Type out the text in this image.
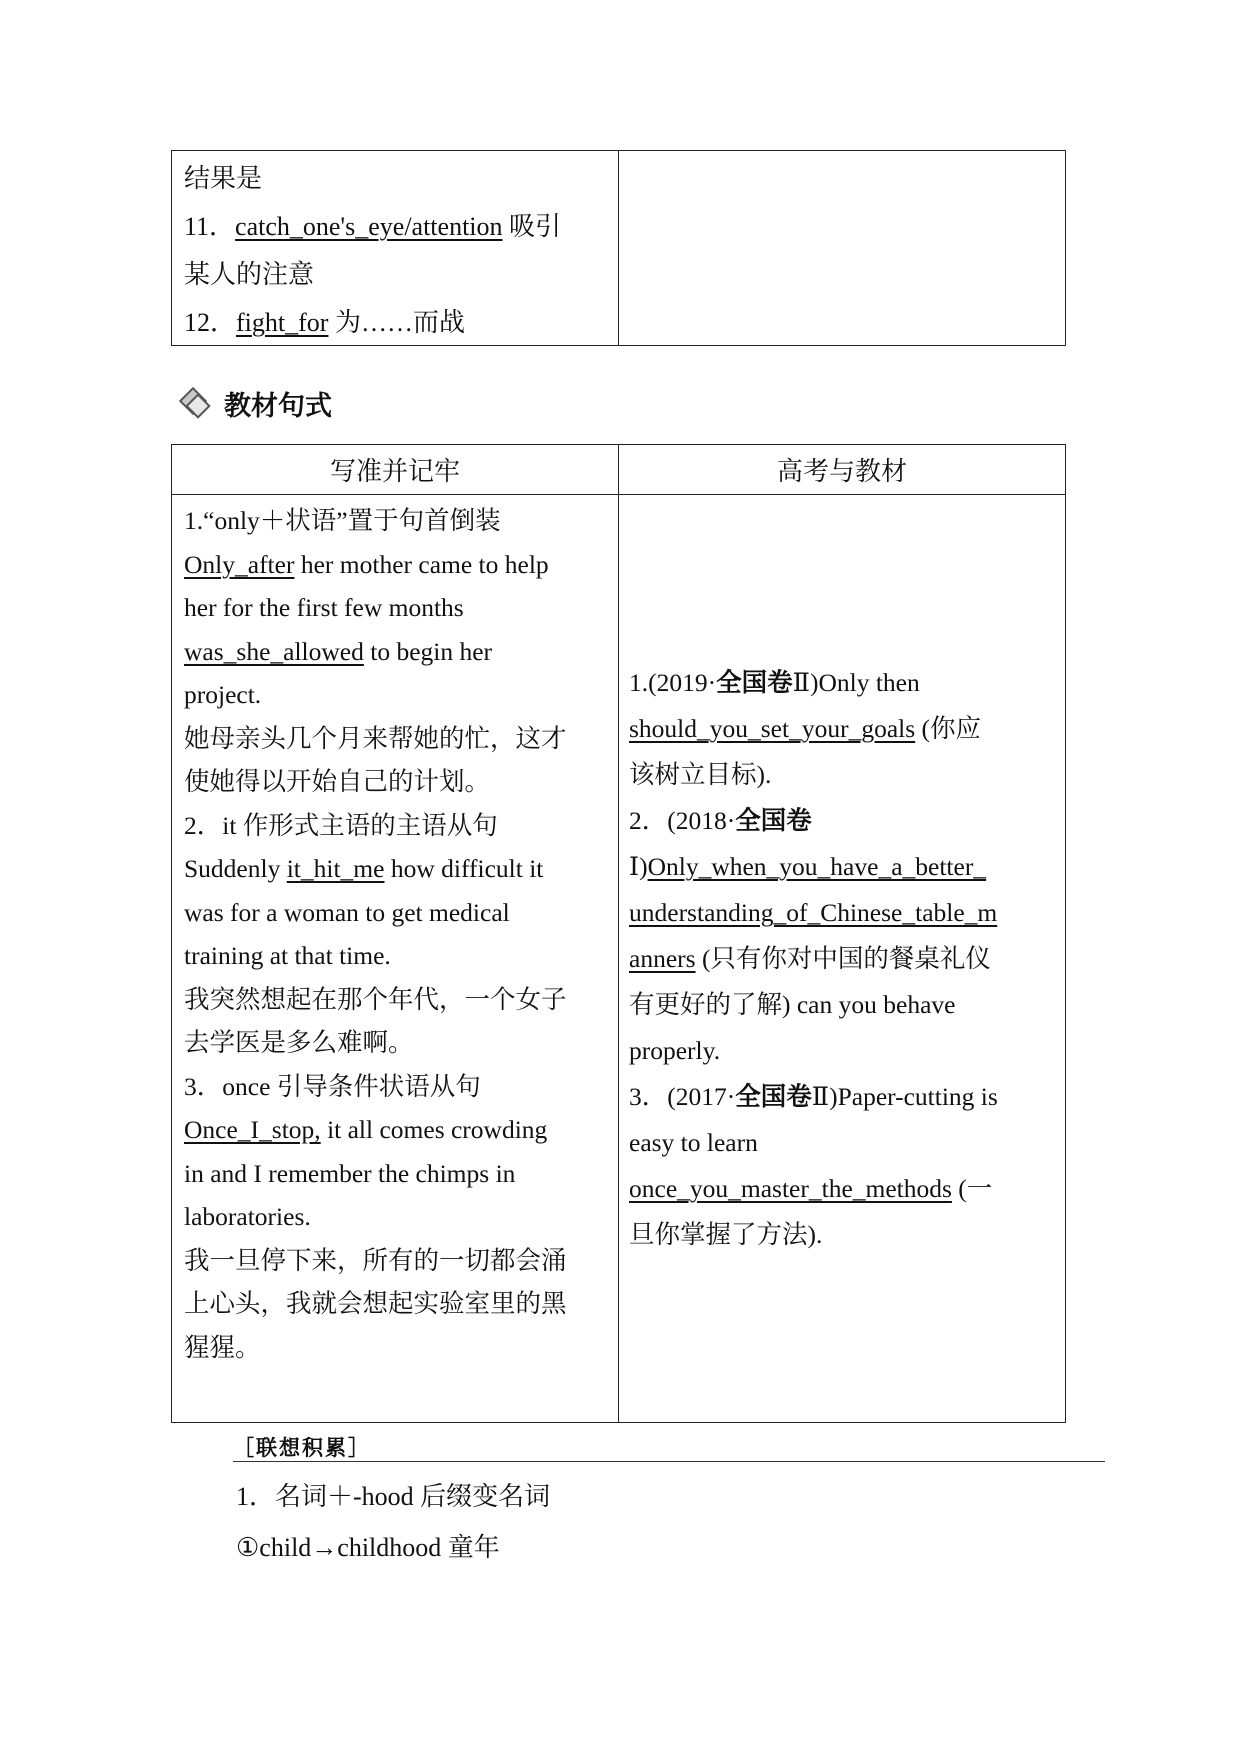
结果是
11．catch_one's_eye/attention 吸引
某人的注意
12．fight_for 为……而战
教材句式
写准并记牢	高考与教材
1.“only＋状语”置于句首倒装
Only_after her mother came to help
her for the first few months
was_she_allowed to begin her
project.
她母亲头几个月来帮她的忙，这才
使她得以开始自己的计划。
2．it 作形式主语的主语从句
Suddenly it_hit_me how difficult it
was for a woman to get medical
training at that time.
我突然想起在那个年代，一个女子
去学医是多么难啊。
3．once 引导条件状语从句
Once_I_stop, it all comes crowding
in and I remember the chimps in
laboratories.
我一旦停下来，所有的一切都会涌
上心头，我就会想起实验室里的黑
猩猩。
1.(2019·全国卷Ⅱ)Only then
should_you_set_your_goals (你应
该树立目标).
2．(2018·全国卷
Ⅰ)Only_when_you_have_a_better_
understanding_of_Chinese_table_m
anners (只有你对中国的餐桌礼仪
有更好的了解) can you behave
properly.
3．(2017·全国卷Ⅱ)Paper-cutting is
easy to learn
once_you_master_the_methods (一
旦你掌握了方法).
［联想积累］
1．名词＋-hood 后缀变名词
①child→childhood 童年
